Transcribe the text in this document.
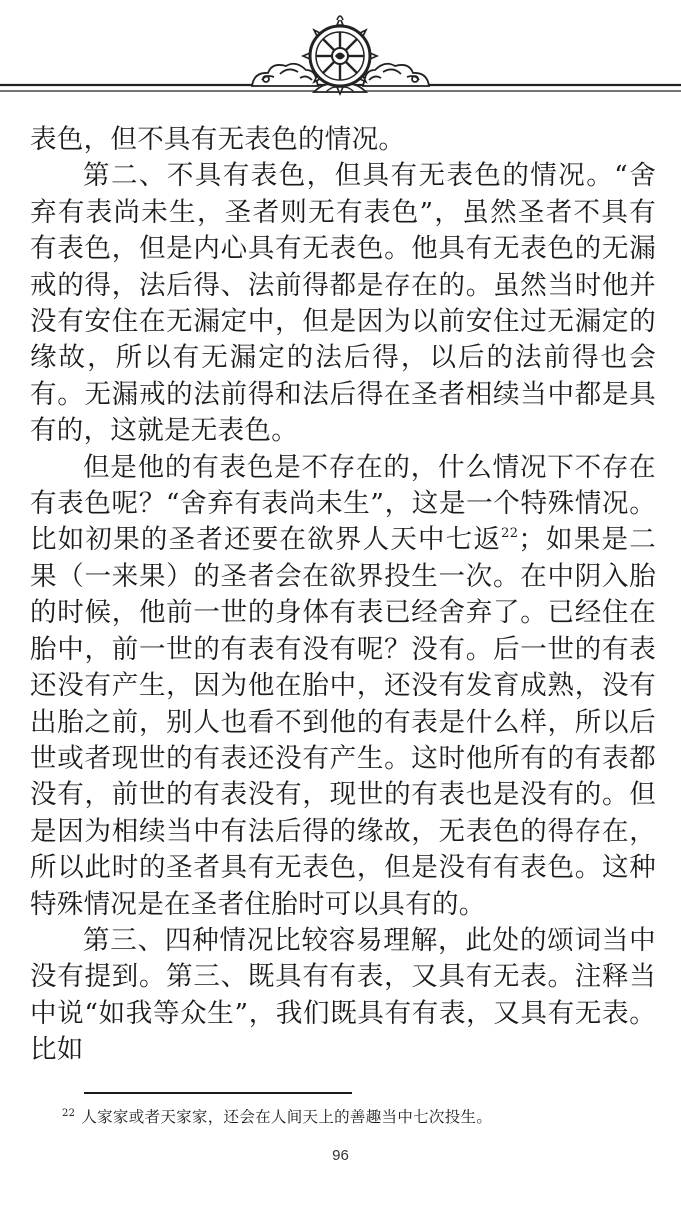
表色，但不具有无表色的情况。

第二、不具有表色，但具有无表色的情况。“舍弃有表尚未生，圣者则无有表色”，虽然圣者不具有有表色，但是内心具有无表色。他具有无表色的无漏戒的得，法后得、法前得都是存在的。虽然当时他并没有安住在无漏定中，但是因为以前安住过无漏定的缘故，所以有无漏定的法后得，以后的法前得也会有。无漏戒的法前得和法后得在圣者相续当中都是具有的，这就是无表色。

但是他的有表色是不存在的，什么情况下不存在有表色呢？“舍弃有表尚未生”，这是一个特殊情况。比如初果的圣者还要在欲界人天中七返$^{22}$；如果是二果（一来果）的圣者会在欲界投生一次。在中阴入胎的时候，他前一世的身体有表已经舍弃了。已经住在胎中，前一世的有表有没有呢？没有。后一世的有表还没有产生，因为他在胎中，还没有发育成熟，没有出胎之前，别人也看不到他的有表是什么样，所以后世或者现世的有表还没有产生。这时他所有的有表都没有，前世的有表没有，现世的有表也是没有的。但是因为相续当中有法后得的缘故，无表色的得存在，所以此时的圣者具有无表色，但是没有有表色。这种特殊情况是在圣者住胎时可以具有的。

第三、四种情况比较容易理解，此处的颂词当中没有提到。第三、既具有有表，又具有无表。注释当中说“如我等众生”，我们既具有有表，又具有无表。比如

$^{22}$ 人家家或者天家家，还会在人间天上的善趣当中七次投生。
96
